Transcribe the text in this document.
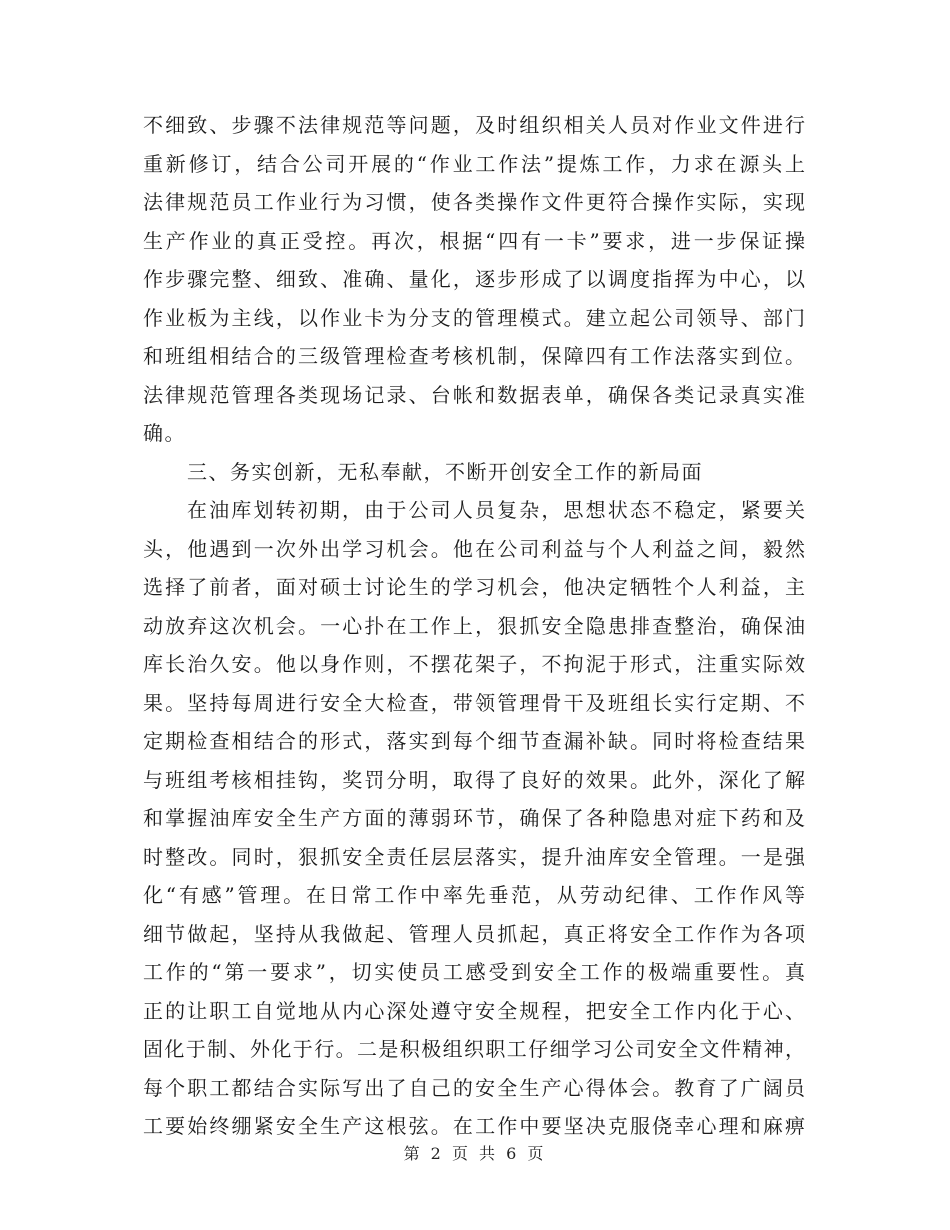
不细致、步骤不法律规范等问题，及时组织相关人员对作业文件进行
重新修订，结合公司开展的“作业工作法”提炼工作，力求在源头上
法律规范员工作业行为习惯，使各类操作文件更符合操作实际，实现
生产作业的真正受控。再次，根据“四有一卡”要求，进一步保证操
作步骤完整、细致、准确、量化，逐步形成了以调度指挥为中心，以
作业板为主线，以作业卡为分支的管理模式。建立起公司领导、部门
和班组相结合的三级管理检查考核机制，保障四有工作法落实到位。
法律规范管理各类现场记录、台帐和数据表单，确保各类记录真实准
确。
三、务实创新，无私奉献，不断开创安全工作的新局面
在油库划转初期，由于公司人员复杂，思想状态不稳定，紧要关
头，他遇到一次外出学习机会。他在公司利益与个人利益之间，毅然
选择了前者，面对硕士讨论生的学习机会，他决定牺牲个人利益，主
动放弃这次机会。一心扑在工作上，狠抓安全隐患排查整治，确保油
库长治久安。他以身作则，不摆花架子，不拘泥于形式，注重实际效
果。坚持每周进行安全大检查，带领管理骨干及班组长实行定期、不
定期检查相结合的形式，落实到每个细节查漏补缺。同时将检查结果
与班组考核相挂钩，奖罚分明，取得了良好的效果。此外，深化了解
和掌握油库安全生产方面的薄弱环节，确保了各种隐患对症下药和及
时整改。同时，狠抓安全责任层层落实，提升油库安全管理。一是强
化“有感”管理。在日常工作中率先垂范，从劳动纪律、工作作风等
细节做起，坚持从我做起、管理人员抓起，真正将安全工作作为各项
工作的“第一要求”，切实使员工感受到安全工作的极端重要性。真
正的让职工自觉地从内心深处遵守安全规程，把安全工作内化于心、
固化于制、外化于行。二是积极组织职工仔细学习公司安全文件精神，
每个职工都结合实际写出了自己的安全生产心得体会。教育了广阔员
工要始终绷紧安全生产这根弦。在工作中要坚决克服侥幸心理和麻痹
第 2 页 共 6 页
